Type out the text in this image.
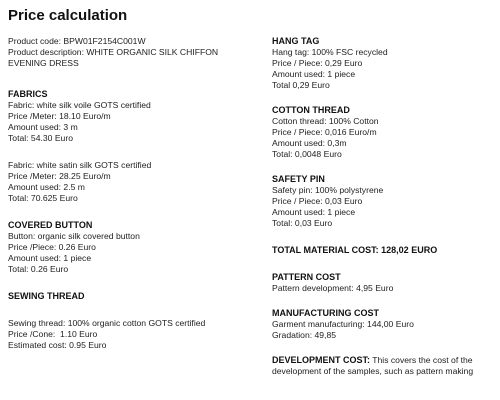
Price calculation
Product code: BPW01F2154C001W
Product description: WHITE ORGANIC SILK CHIFFON EVENING DRESS
FABRICS
Fabric: white silk voile GOTS certified
Price /Meter: 18.10 Euro/m
Amount used: 3 m
Total: 54.30 Euro
Fabric: white satin silk GOTS certified
Price /Meter: 28.25 Euro/m
Amount used: 2.5 m
Total: 70.625 Euro
COVERED BUTTON
Button: organic silk covered button
Price /Piece: 0.26 Euro
Amount used: 1 piece
Total: 0.26 Euro
SEWING THREAD
Sewing thread: 100% organic cotton GOTS certified
Price /Cone:  1.10 Euro
Estimated cost: 0.95 Euro
HANG TAG
Hang tag: 100% FSC recycled
Price / Piece: 0,29 Euro
Amount used: 1 piece
Total 0,29 Euro
COTTON THREAD
Cotton thread: 100% Cotton
Price / Piece: 0,016 Euro/m
Amount used: 0,3m
Total: 0,0048 Euro
SAFETY PIN
Safety pin: 100% polystyrene
Price / Piece: 0,03 Euro
Amount used: 1 piece
Total: 0,03 Euro
TOTAL MATERIAL COST: 128,02 EURO
PATTERN COST
Pattern development: 4,95 Euro
MANUFACTURING COST
Garment manufacturing: 144,00 Euro
Gradation: 49,85
DEVELOPMENT COST: This covers the cost of the development of the samples, such as pattern making
